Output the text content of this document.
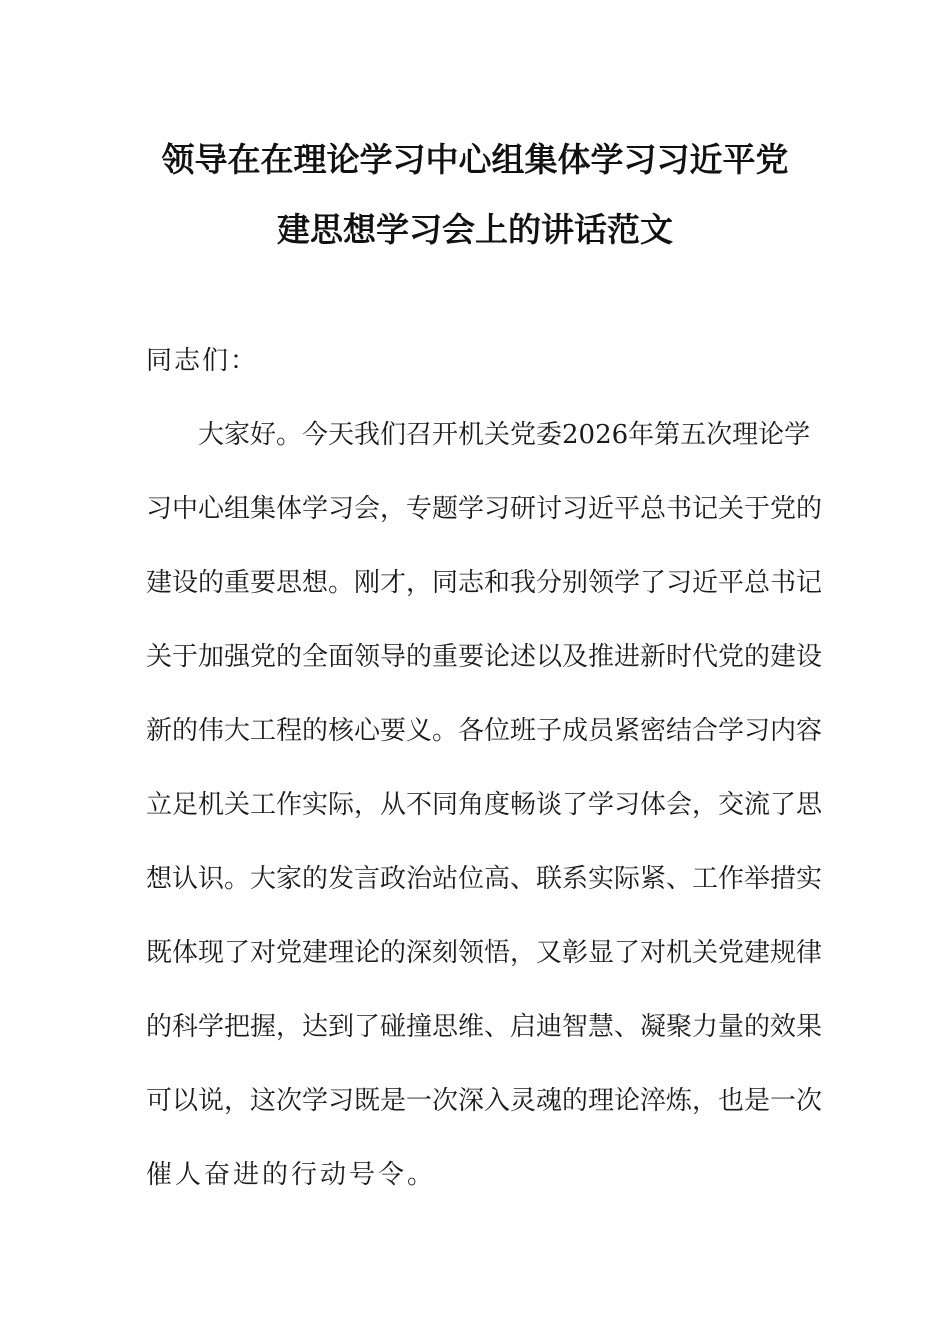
领导在在理论学习中心组集体学习习近平党
建思想学习会上的讲话范文
同志们：
大家好。今天我们召开机关党委2026年第五次理论学
习中心组集体学习会，专题学习研讨习近平总书记关于党的
建设的重要思想。刚才，同志和我分别领学了习近平总书记
关于加强党的全面领导的重要论述以及推进新时代党的建设
新的伟大工程的核心要义。各位班子成员紧密结合学习内容
立足机关工作实际，从不同角度畅谈了学习体会，交流了思
想认识。大家的发言政治站位高、联系实际紧、工作举措实
既体现了对党建理论的深刻领悟，又彰显了对机关党建规律
的科学把握，达到了碰撞思维、启迪智慧、凝聚力量的效果
可以说，这次学习既是一次深入灵魂的理论淬炼，也是一次
催人奋进的行动号令。
